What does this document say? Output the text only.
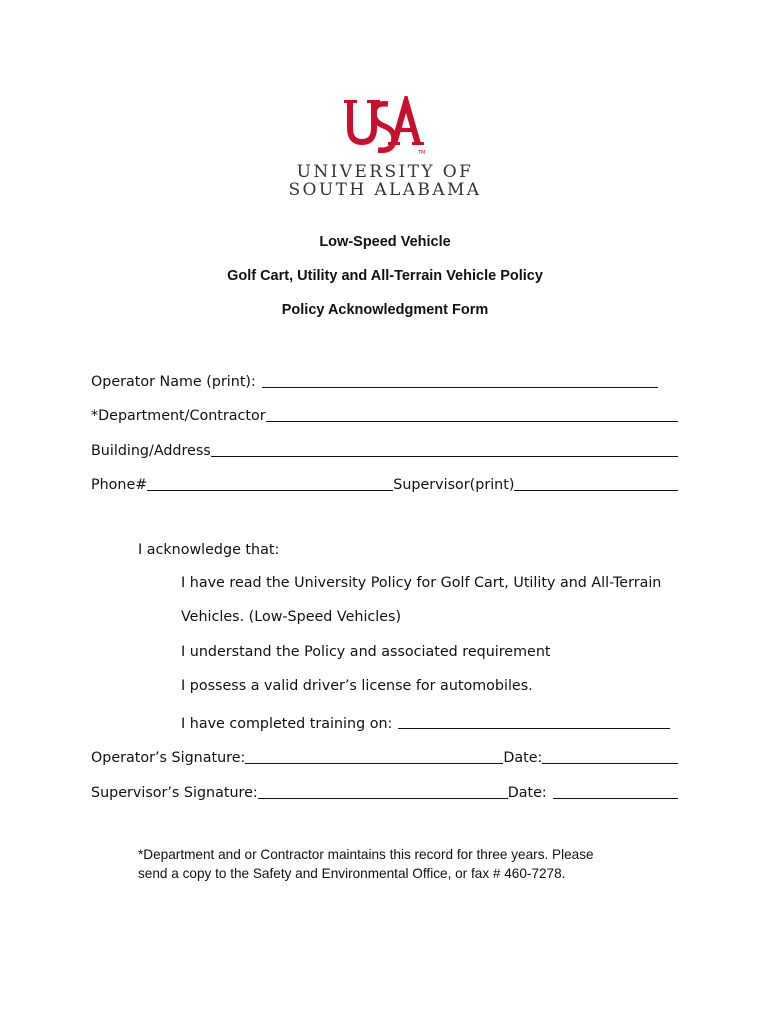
TM
UNIVERSITY OF
SOUTH ALABAMA
Low-Speed Vehicle
Golf Cart, Utility and All-Terrain Vehicle Policy
Policy Acknowledgment Form
Operator Name (print):
*Department/Contractor
Building/Address
Phone#	Supervisor(print)
I acknowledge that:
I have read the University Policy for Golf Cart, Utility and All-Terrain
Vehicles. (Low-Speed Vehicles)
I understand the Policy and associated requirement
I possess a valid driver’s license for automobiles.
I have completed training on:
Operator’s Signature:	Date:
Supervisor’s Signature:	Date:
*Department and or Contractor maintains this record for three years. Please
send a copy to the Safety and Environmental Office, or fax # 460-7278.
